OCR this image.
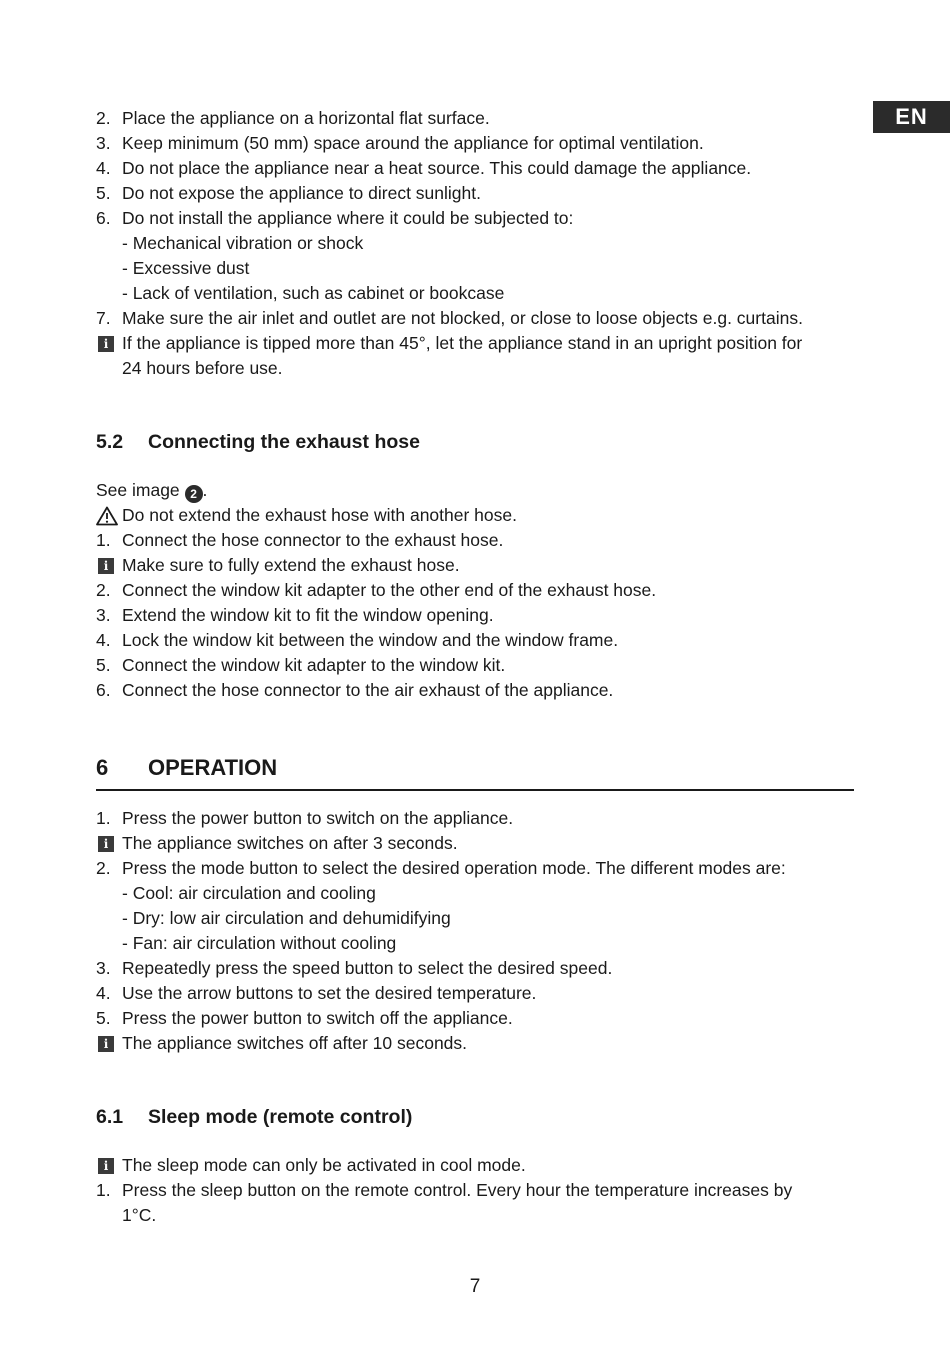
EN
2. Place the appliance on a horizontal flat surface.
3. Keep minimum (50 mm) space around the appliance for optimal ventilation.
4. Do not place the appliance near a heat source. This could damage the appliance.
5. Do not expose the appliance to direct sunlight.
6. Do not install the appliance where it could be subjected to:
- Mechanical vibration or shock
- Excessive dust
- Lack of ventilation, such as cabinet or bookcase
7. Make sure the air inlet and outlet are not blocked, or close to loose objects e.g. curtains.
i If the appliance is tipped more than 45°, let the appliance stand in an upright position for
24 hours before use.
5.2 Connecting the exhaust hose
See image 2 .
Do not extend the exhaust hose with another hose.
1. Connect the hose connector to the exhaust hose.
i Make sure to fully extend the exhaust hose.
2. Connect the window kit adapter to the other end of the exhaust hose.
3. Extend the window kit to fit the window opening.
4. Lock the window kit between the window and the window frame.
5. Connect the window kit adapter to the window kit.
6. Connect the hose connector to the air exhaust of the appliance.
6 OPERATION
1. Press the power button to switch on the appliance.
i The appliance switches on after 3 seconds.
2. Press the mode button to select the desired operation mode. The different modes are:
- Cool: air circulation and cooling
- Dry: low air circulation and dehumidifying
- Fan: air circulation without cooling
3. Repeatedly press the speed button to select the desired speed.
4. Use the arrow buttons to set the desired temperature.
5. Press the power button to switch off the appliance.
i The appliance switches off after 10 seconds.
6.1 Sleep mode (remote control)
i The sleep mode can only be activated in cool mode.
1. Press the sleep button on the remote control. Every hour the temperature increases by
1°C.
7
